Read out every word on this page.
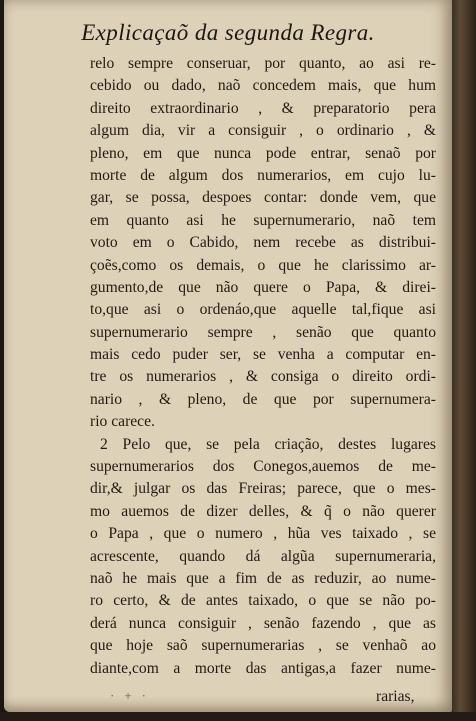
Explicaçaõ da segunda Regra.
relo sempre conseruar, por quanto, ao asi re-
cebido ou dado, naõ concedem mais, que hum
direito extraordinario , & preparatorio pera
algum dia, vir a consiguir , o ordinario , &
pleno, em que nunca pode entrar, senaõ por
morte de algum dos numerarios, em cujo lu-
gar, se possa, despoes contar: donde vem, que
em quanto asi he supernumerario, naõ tem
voto em o Cabido, nem recebe as distribui-
çoẽs,como os demais, o que he clarissimo ar-
gumento,de que não quere o Papa, & direi-
to,que asi o ordenáo,que aquelle tal,fique asi
supernumerario sempre , senão que quanto
mais cedo puder ser, se venha a computar en-
tre os numerarios , & consiga o direito ordi-
nario , & pleno, de que por supernumera-
rio carece.
2 Pelo que, se pela criação, destes lugares
supernumerarios dos Conegos,auemos de me-
dir,& julgar os das Freiras; parece, que o mes-
mo auemos de dizer delles, & q̃ o não querer
o Papa , que o numero , hũa ves taixado , se
acrescente, quando dá algũa supernumeraria,
naõ he mais que a fim de as reduzir, ao nume-
ro certo, & de antes taixado, o que se não po-
derá nunca consiguir , senão fazendo , que as
que hoje saõ supernumerarias , se venhaõ ao
diante,com a morte das antigas,a fazer nume-
·+·	rarias,
